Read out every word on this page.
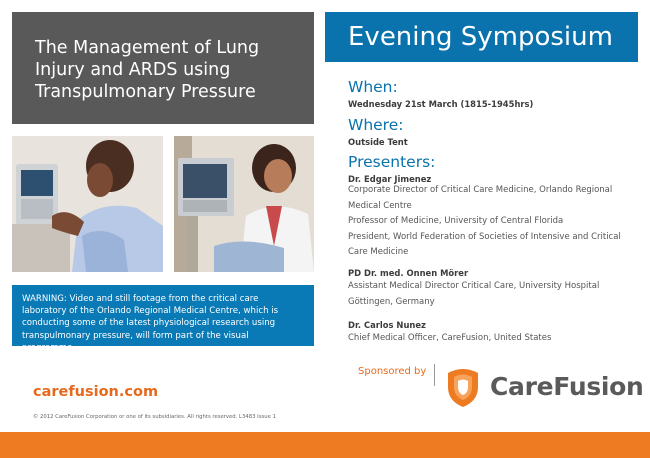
The Management of Lung
Injury and ARDS using
Transpulmonary Pressure
WARNING: Video and still footage from the critical care laboratory of the Orlando Regional Medical Centre, which is conducting some of the latest physiological research using transpulmonary pressure, will form part of the visual programme.
carefusion.com
© 2012 CareFusion Corporation or one of its subsidiaries. All rights reserved. L3483 Issue 1
Evening Symposium
When:
Wednesday 21st March (1815-1945hrs)
Where:
Outside Tent
Presenters:
Dr. Edgar Jimenez
Corporate Director of Critical Care Medicine, Orlando Regional
Medical Centre
Professor of Medicine, University of Central Florida
President, World Federation of Societies of Intensive and Critical
Care Medicine
PD Dr. med. Onnen Mörer
Assistant Medical Director Critical Care, University Hospital
Göttingen, Germany
Dr. Carlos Nunez
Chief Medical Officer, CareFusion, United States
Sponsored by
CareFusion
